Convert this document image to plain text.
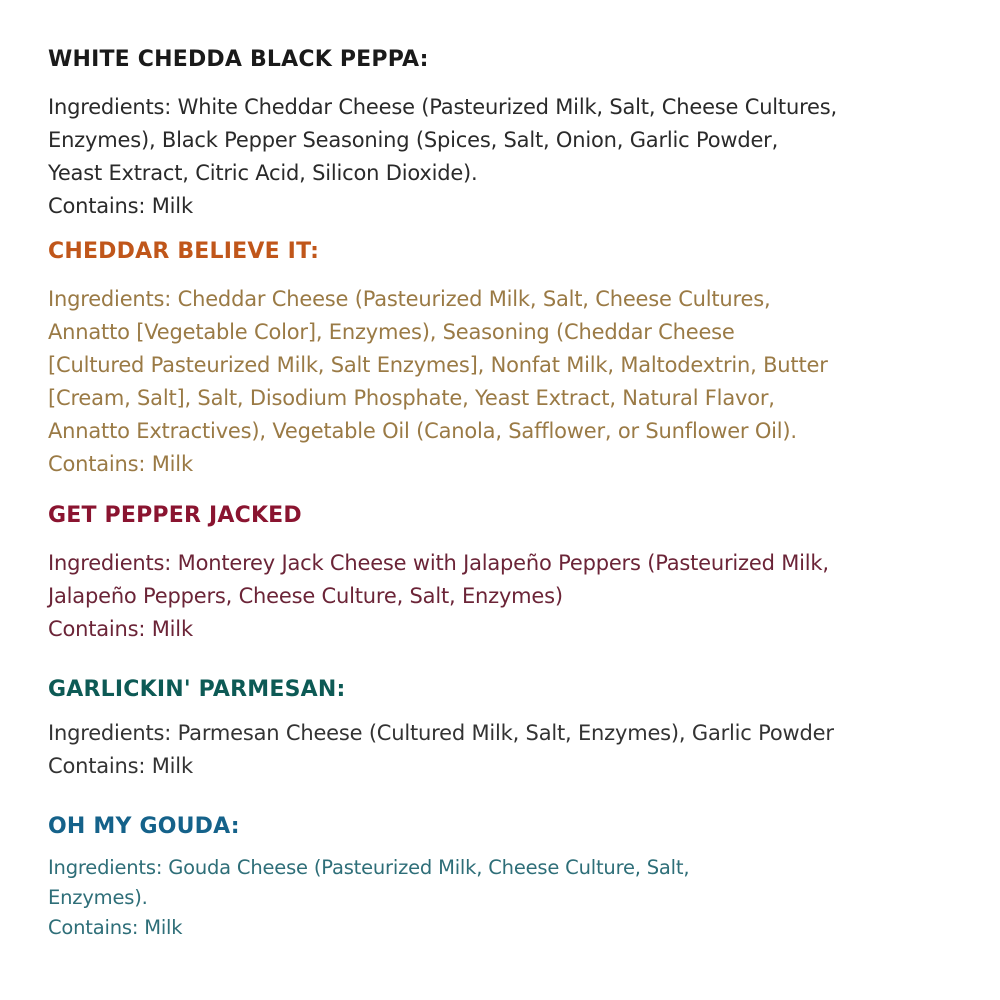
WHITE CHEDDA BLACK PEPPA:

Ingredients: White Cheddar Cheese (Pasteurized Milk, Salt, Cheese Cultures,
Enzymes), Black Pepper Seasoning (Spices, Salt, Onion, Garlic Powder,
Yeast Extract, Citric Acid, Silicon Dioxide).
Contains: Milk

CHEDDAR BELIEVE IT:

Ingredients: Cheddar Cheese (Pasteurized Milk, Salt, Cheese Cultures,
Annatto [Vegetable Color], Enzymes), Seasoning (Cheddar Cheese
[Cultured Pasteurized Milk, Salt Enzymes], Nonfat Milk, Maltodextrin, Butter
[Cream, Salt], Salt, Disodium Phosphate, Yeast Extract, Natural Flavor,
Annatto Extractives), Vegetable Oil (Canola, Safflower, or Sunflower Oil).
Contains: Milk

GET PEPPER JACKED

Ingredients: Monterey Jack Cheese with Jalapeño Peppers (Pasteurized Milk,
Jalapeño Peppers, Cheese Culture, Salt, Enzymes)
Contains: Milk

GARLICKIN' PARMESAN:

Ingredients: Parmesan Cheese (Cultured Milk, Salt, Enzymes), Garlic Powder
Contains: Milk

OH MY GOUDA:

Ingredients: Gouda Cheese (Pasteurized Milk, Cheese Culture, Salt,
Enzymes).
Contains: Milk
